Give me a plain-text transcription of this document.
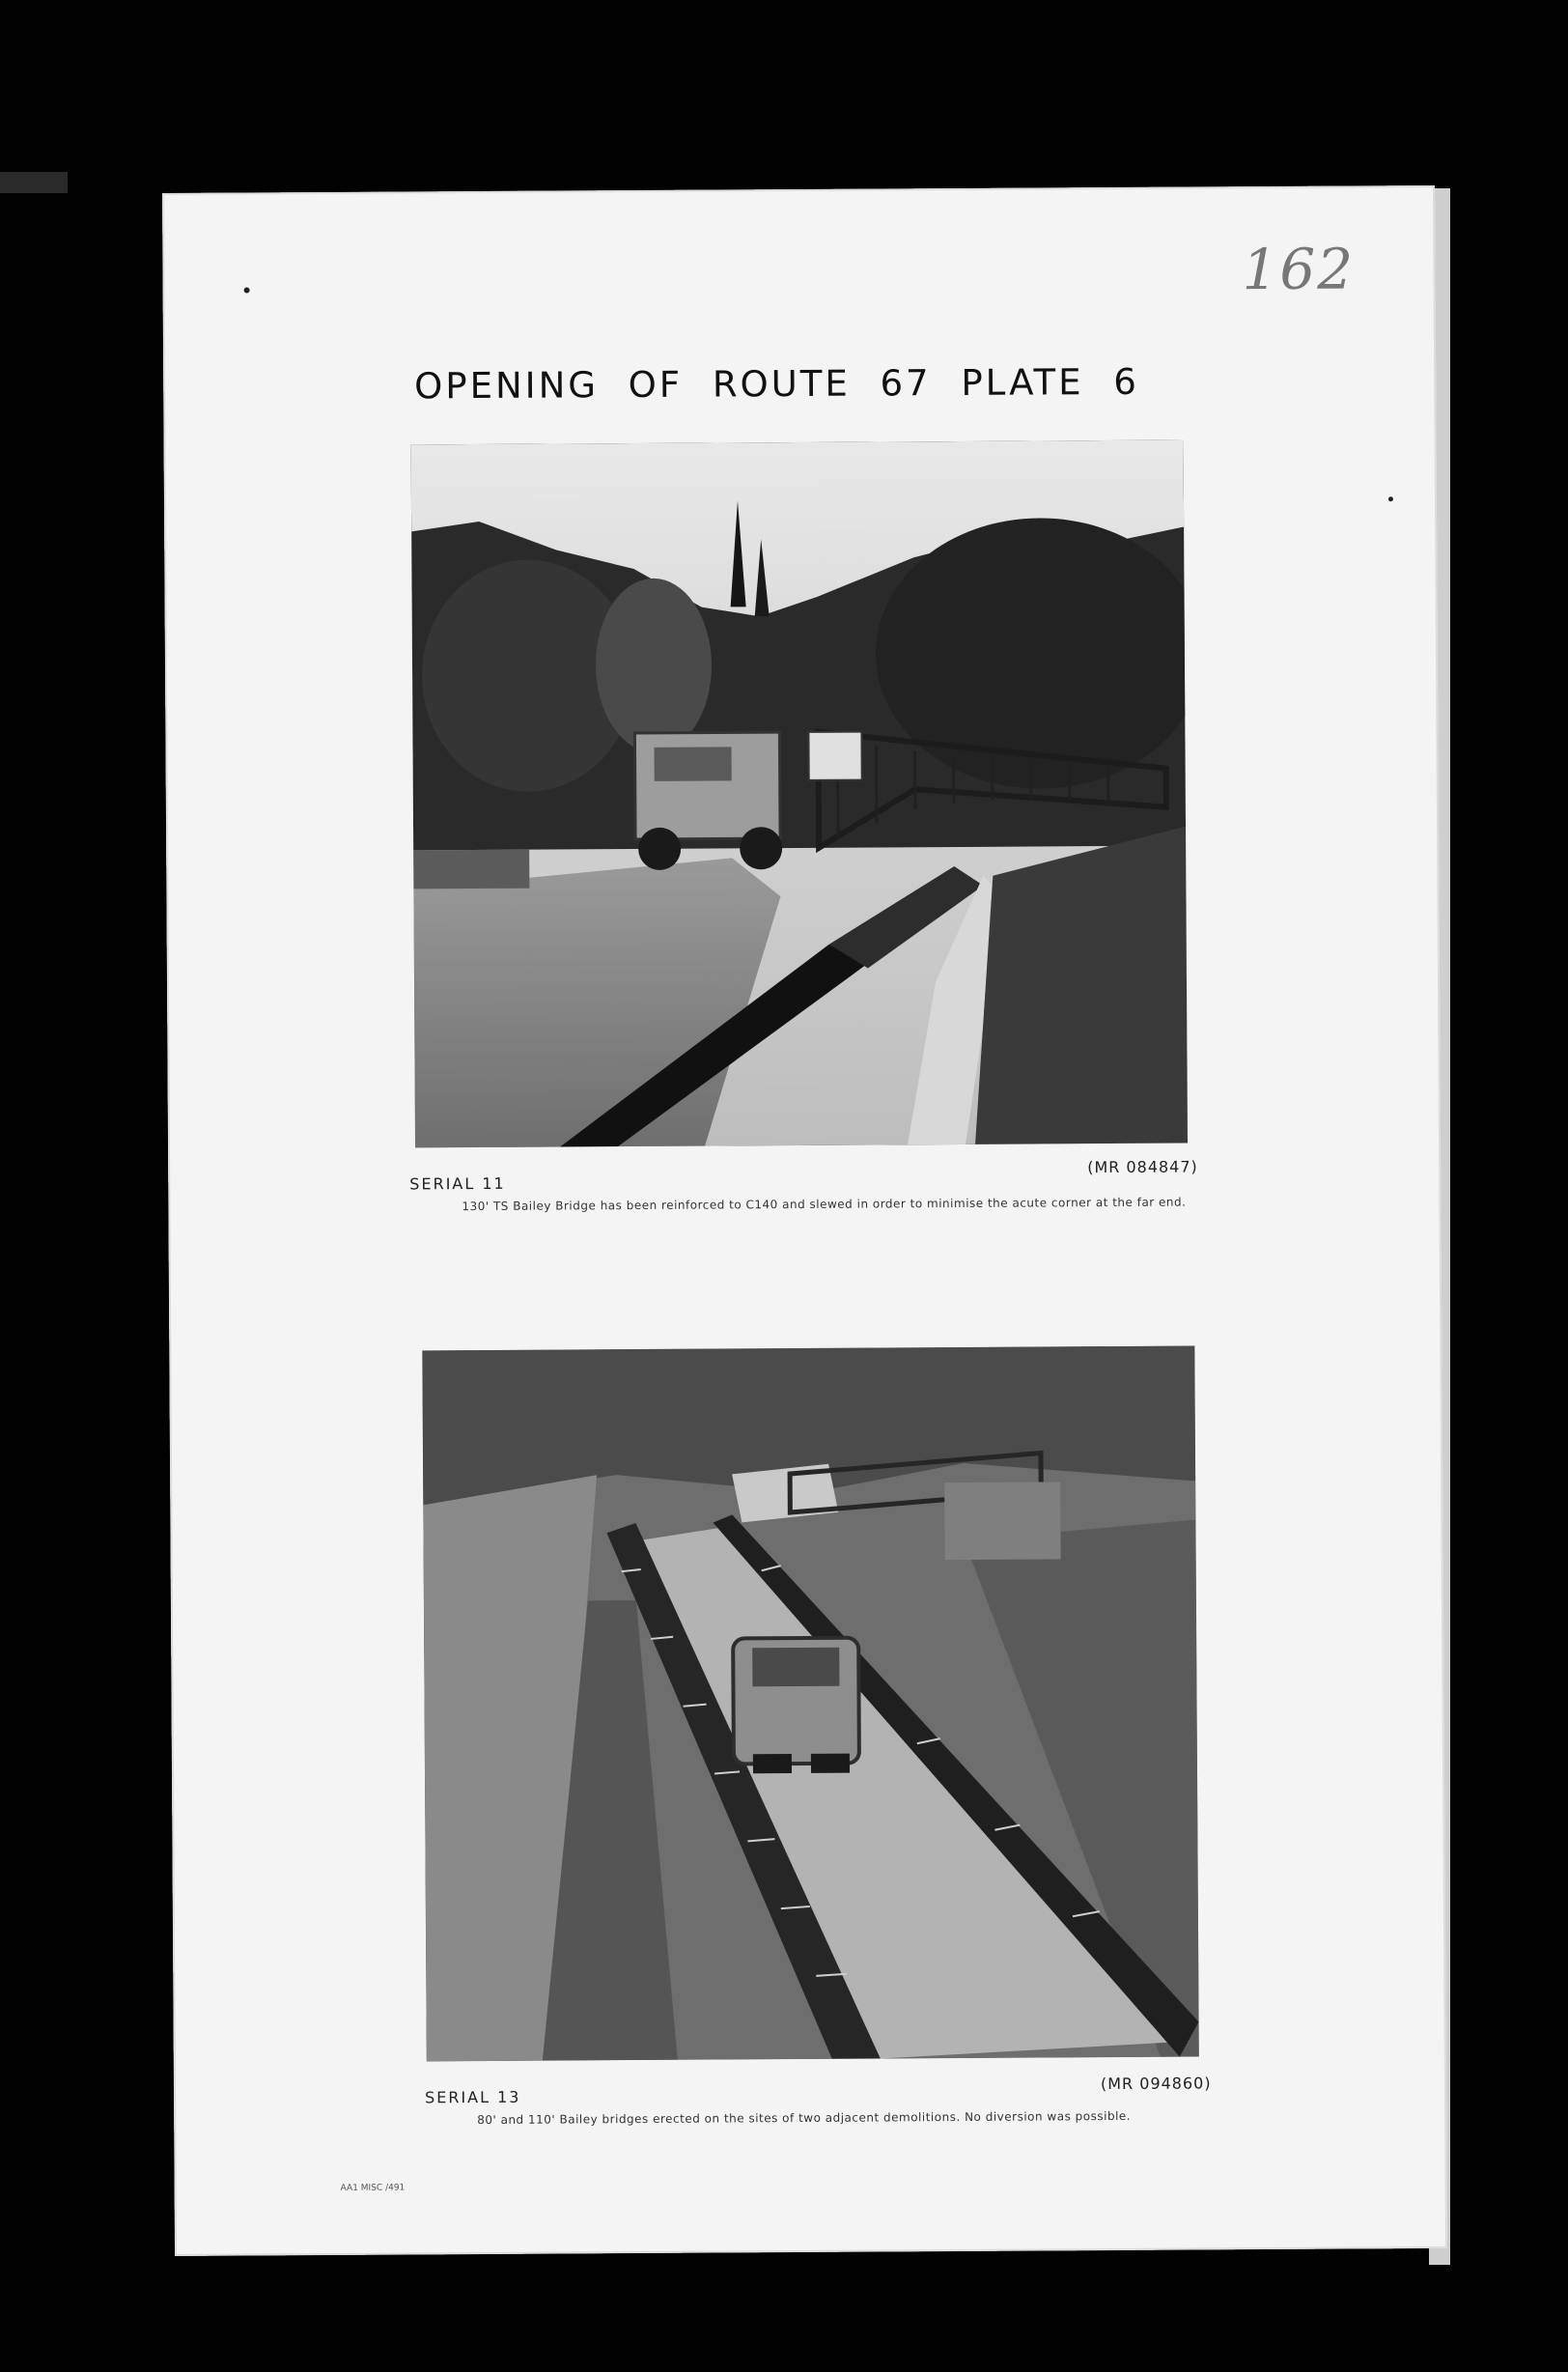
162
OPENING OF ROUTE 67 PLATE 6
SERIAL 11
(MR 084847)
130' TS Bailey Bridge has been reinforced to C140 and slewed in order to minimise the acute corner at the far end.
SERIAL 13
(MR 094860)
80' and 110' Bailey bridges erected on the sites of two adjacent demolitions. No diversion was possible.
AA1 MISC /491
